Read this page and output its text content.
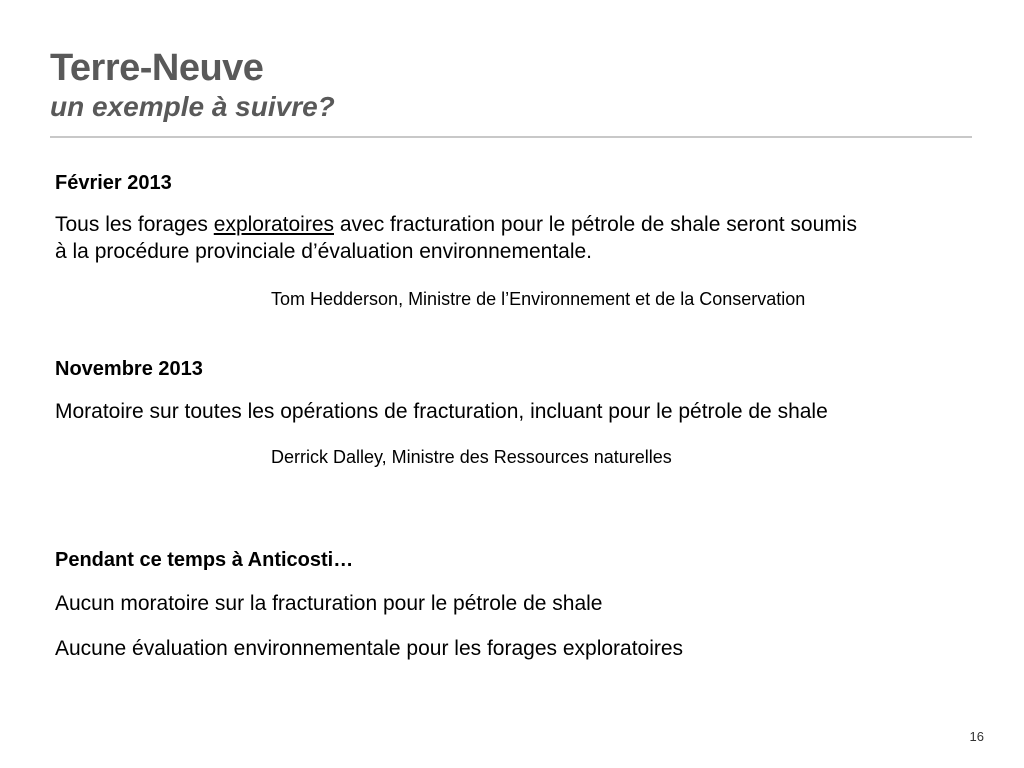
Terre-Neuve
un exemple à suivre?
Février 2013
Tous les forages exploratoires avec fracturation pour le pétrole de shale seront soumis
à la procédure provinciale d’évaluation environnementale.
Tom Hedderson, Ministre de l’Environnement et de la Conservation
Novembre 2013
Moratoire sur toutes les opérations de fracturation, incluant pour le pétrole de shale
Derrick Dalley, Ministre des Ressources naturelles
Pendant ce temps à Anticosti…
Aucun moratoire sur la fracturation pour le pétrole de shale
Aucune évaluation environnementale pour les forages exploratoires
16
